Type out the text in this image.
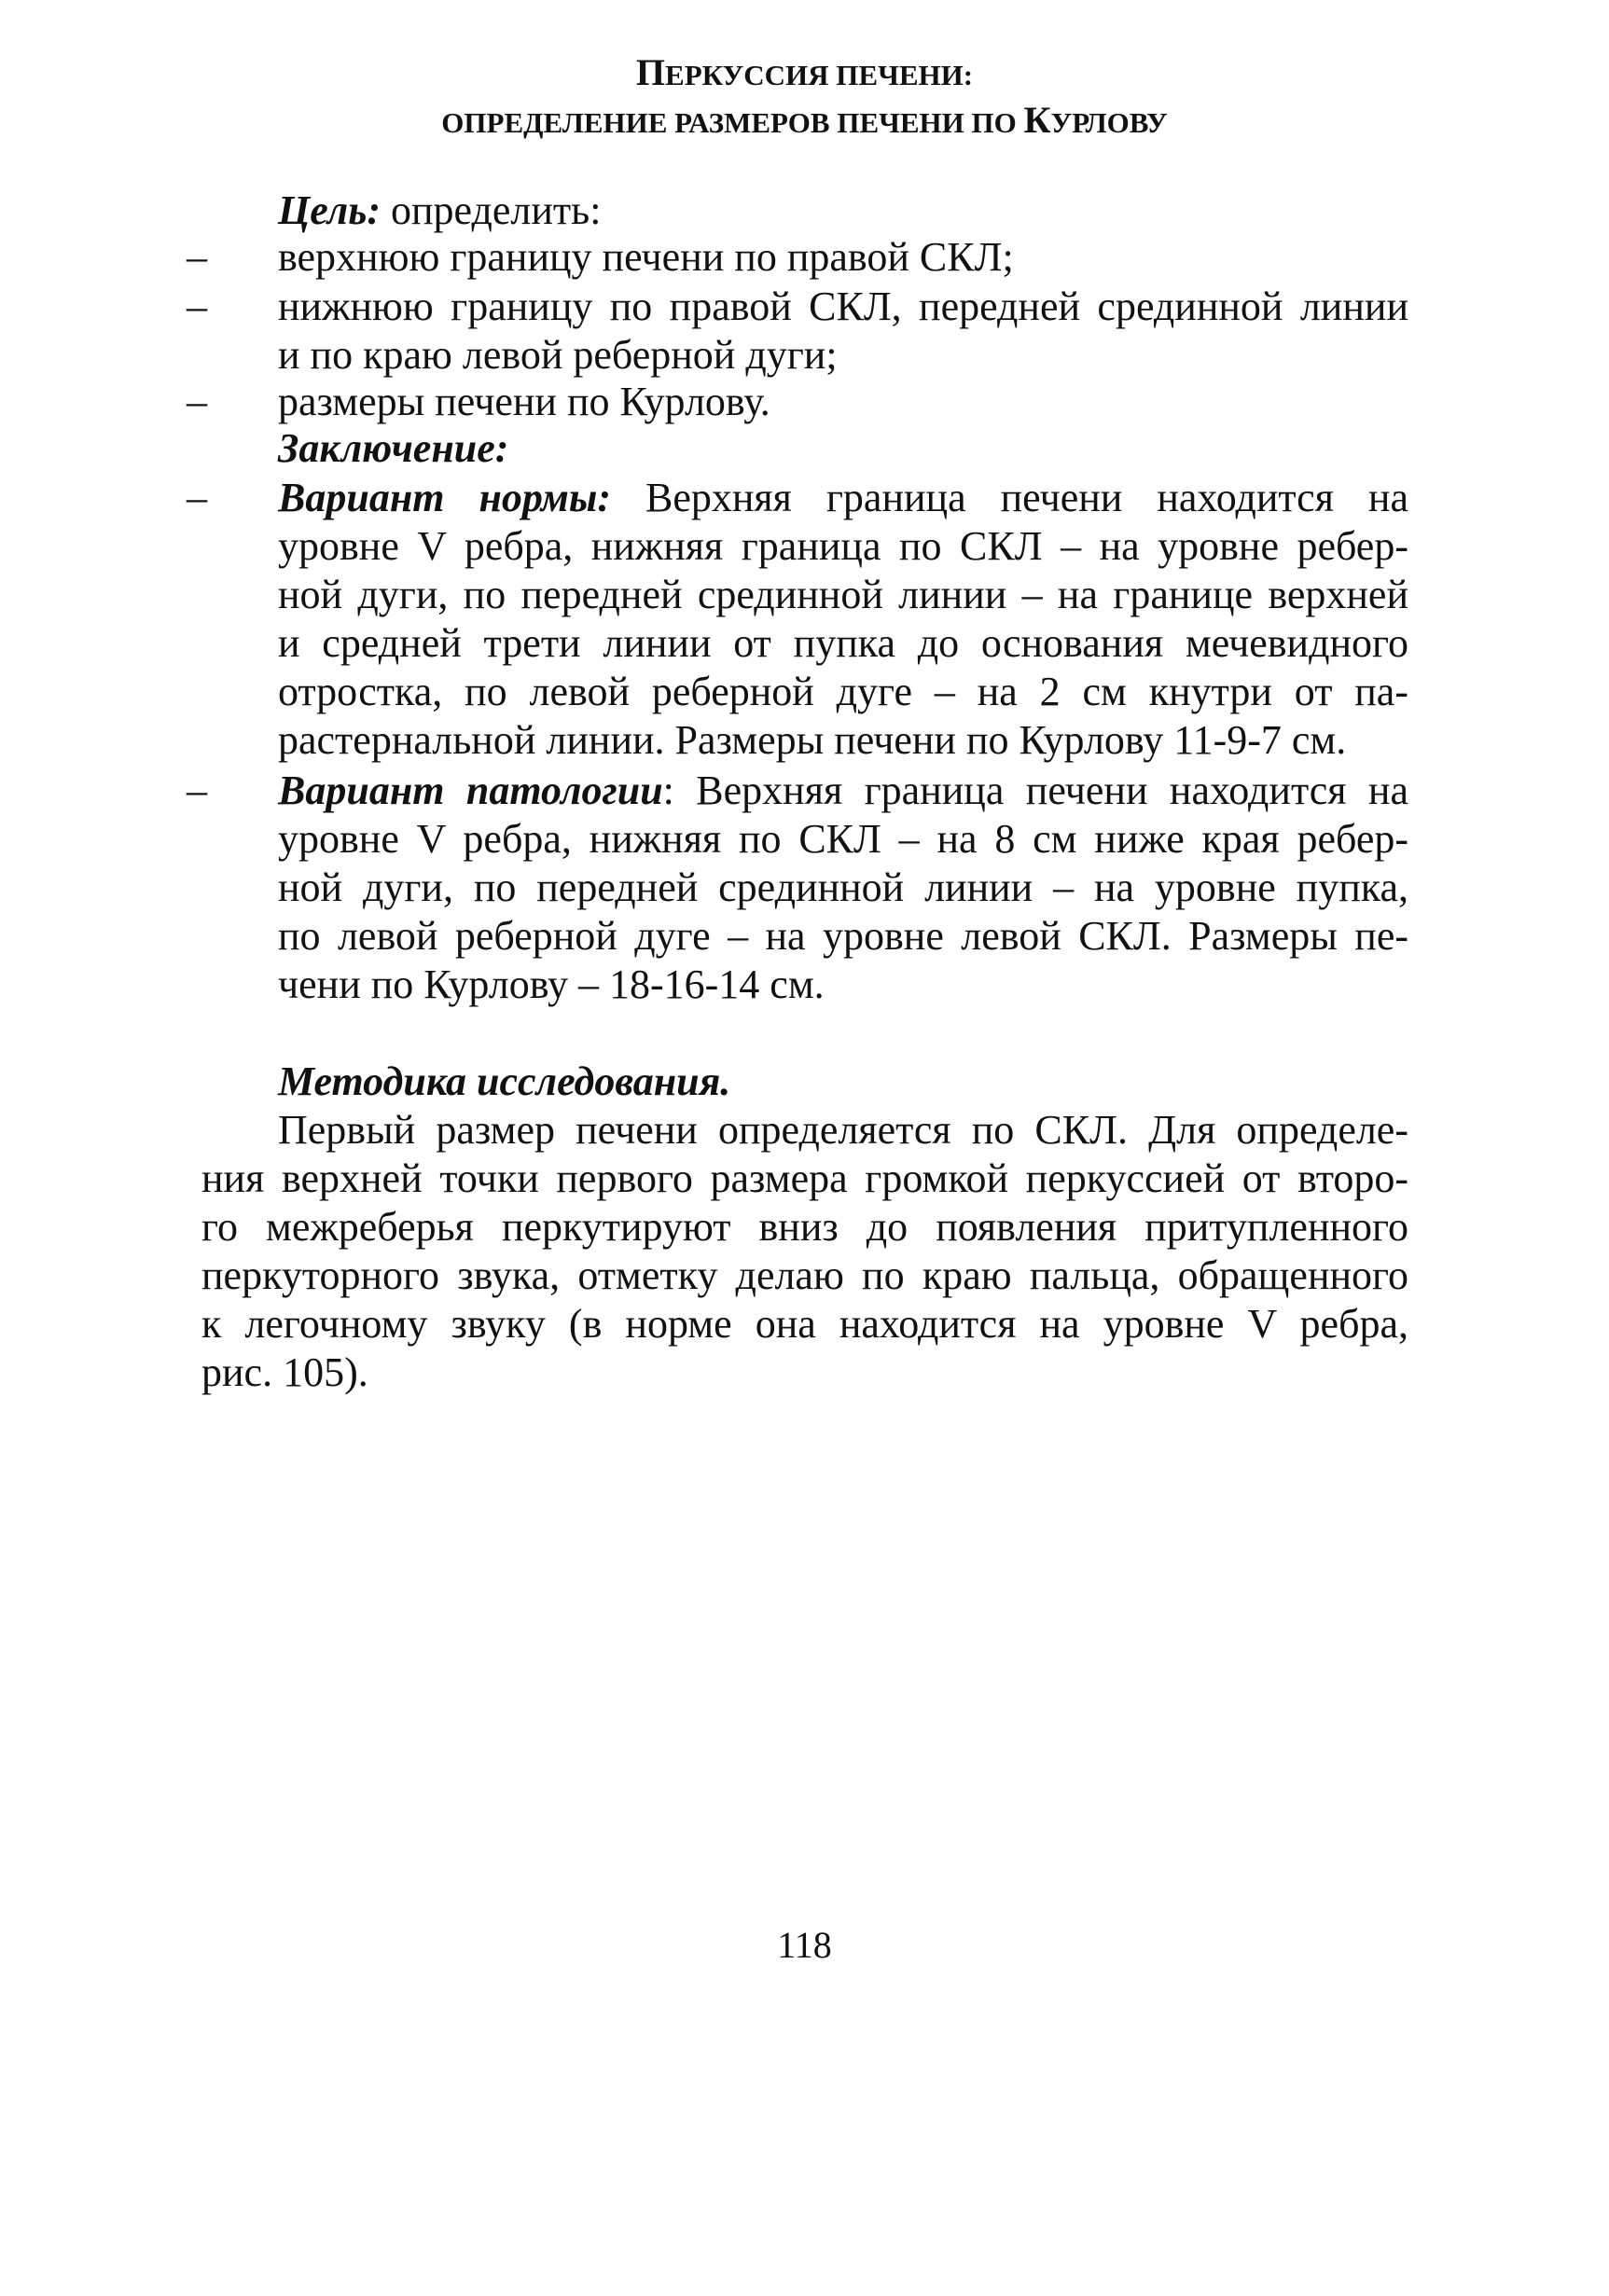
ПЕРКУССИЯ ПЕЧЕНИ:
ОПРЕДЕЛЕНИЕ РАЗМЕРОВ ПЕЧЕНИ ПО КУРЛОВУ
Цель: определить:
– верхнюю границу печени по правой СКЛ;
– нижнюю границу по правой СКЛ, передней срединной линии
и по краю левой реберной дуги;
– размеры печени по Курлову.
Заключение:
– Вариант нормы: Верхняя граница печени находится на
уровне V ребра, нижняя граница по СКЛ – на уровне ребер-
ной дуги, по передней срединной линии – на границе верхней
и средней трети линии от пупка до основания мечевидного
отростка, по левой реберной дуге – на 2 см кнутри от па-
растернальной линии. Размеры печени по Курлову 11-9-7 см.
– Вариант патологии: Верхняя граница печени находится на
уровне V ребра, нижняя по СКЛ – на 8 см ниже края ребер-
ной дуги, по передней срединной линии – на уровне пупка,
по левой реберной дуге – на уровне левой СКЛ. Размеры пе-
чени по Курлову – 18-16-14 см.
Методика исследования.
Первый размер печени определяется по СКЛ. Для определе-
ния верхней точки первого размера громкой перкуссией от второ-
го межреберья перкутируют вниз до появления притупленного
перкуторного звука, отметку делаю по краю пальца, обращенного
к легочному звуку (в норме она находится на уровне V ребра,
рис. 105).
118
